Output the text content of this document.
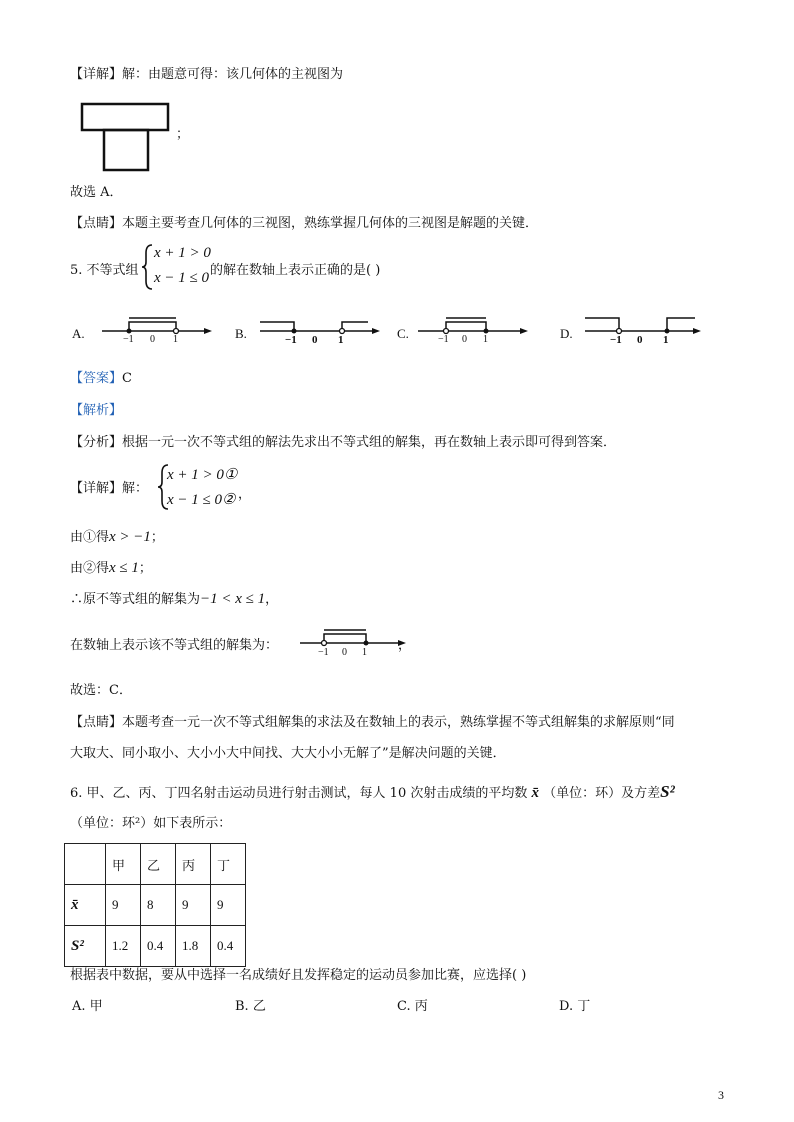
【详解】解：由题意可得：该几何体的主视图为
；
故选 A．
【点睛】本题主要考查几何体的三视图，熟练掌握几何体的三视图是解题的关键．
5. 不等式组
x + 1 > 0
x − 1 ≤ 0 的解在数轴上表示正确的是( )
A.	−1 0 1	B.	−1 0 1	C.	−1 0 1	D.	−1 0 1
【答案】C
【解析】
【分析】根据一元一次不等式组的解法先求出不等式组的解集，再在数轴上表示即可得到答案．
【详解】解：
x + 1 > 0①
x − 1 ≤ 0② ，
由①得x > −1；
由②得x ≤ 1；
∴原不等式组的解集为−1 < x ≤ 1，
在数轴上表示该不等式组的解集为：	−1 0 1 ，
故选：C．
【点睛】本题考查一元一次不等式组解集的求法及在数轴上的表示，熟练掌握不等式组解集的求解原则“同
大取大、同小取小、大小小大中间找、大大小小无解了”是解决问题的关键．
6. 甲、乙、丙、丁四名射击运动员进行射击测试，每人 10 次射击成绩的平均数 x̄ （单位：环）及方差S²
（单位：环²）如下表所示：
	甲	乙	丙	丁
x̄	9	8	9	9
S²	1.2	0.4	1.8	0.4
根据表中数据，要从中选择一名成绩好且发挥稳定的运动员参加比赛，应选择( )
A. 甲	B. 乙	C. 丙	D. 丁
3
